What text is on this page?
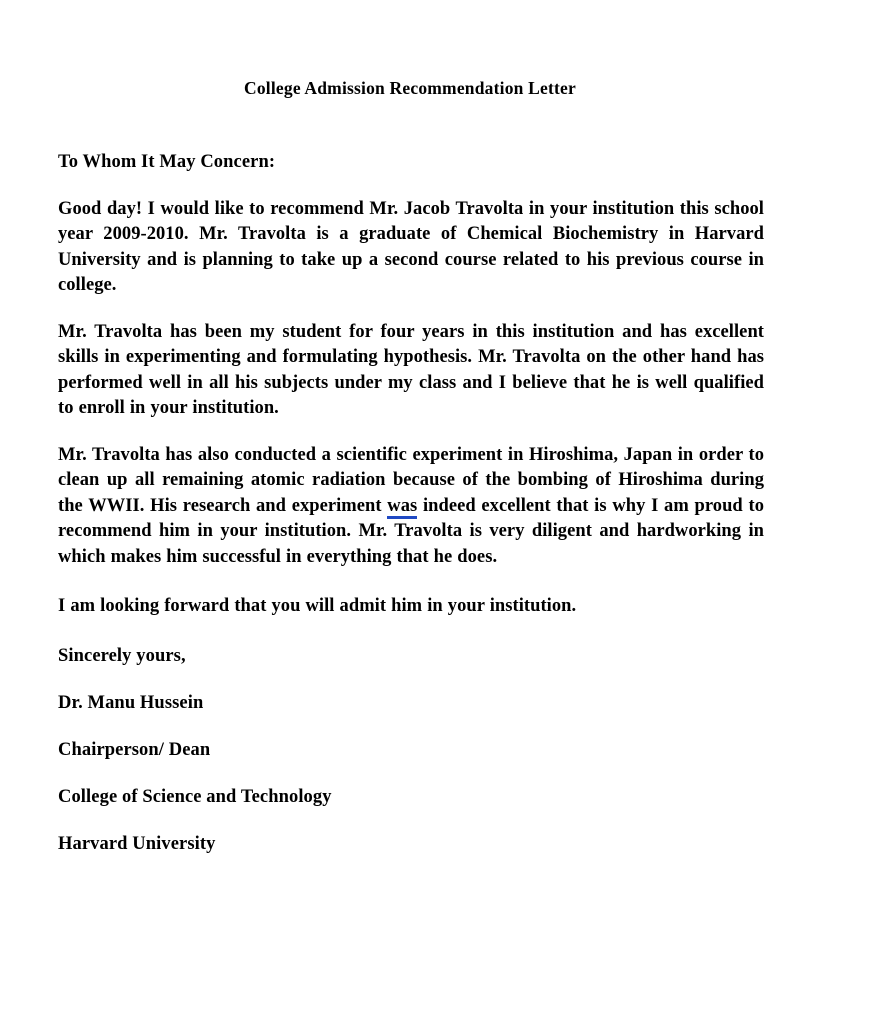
College Admission Recommendation Letter

To Whom It May Concern:

Good day! I would like to recommend Mr. Jacob Travolta in your institution this school year 2009-2010. Mr. Travolta is a graduate of Chemical Biochemistry in Harvard University and is planning to take up a second course related to his previous course in college.

Mr. Travolta has been my student for four years in this institution and has excellent skills in experimenting and formulating hypothesis. Mr. Travolta on the other hand has performed well in all his subjects under my class and I believe that he is well qualified to enroll in your institution.

Mr. Travolta has also conducted a scientific experiment in Hiroshima, Japan in order to clean up all remaining atomic radiation because of the bombing of Hiroshima during the WWII. His research and experiment was indeed excellent that is why I am proud to recommend him in your institution. Mr. Travolta is very diligent and hardworking in which makes him successful in everything that he does.

I am looking forward that you will admit him in your institution.

Sincerely yours,

Dr. Manu Hussein

Chairperson/ Dean

College of Science and Technology

Harvard University
